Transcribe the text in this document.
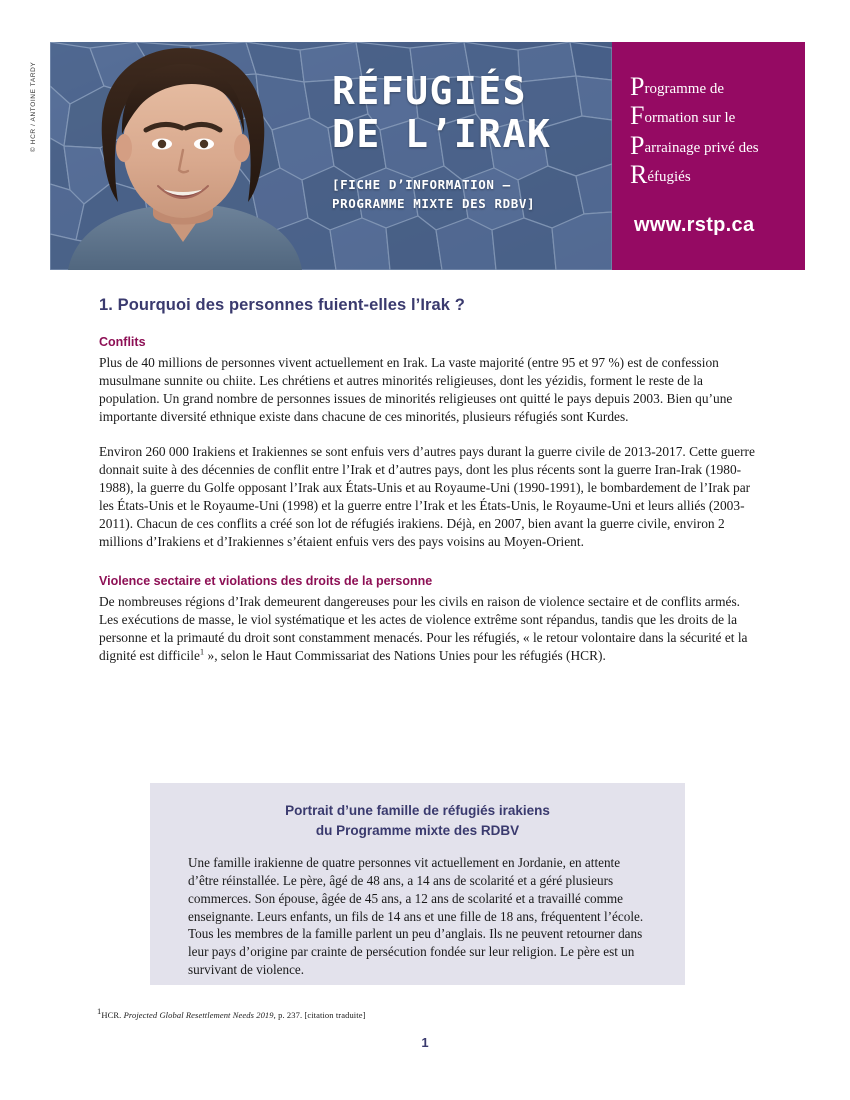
RÉFUGIÉS
DE L’IRAK
[FICHE D’INFORMATION –
PROGRAMME MIXTE DES RDBV]
P rogramme de
F ormation sur le
P arrainage privé des
R éfugiés
www.rstp.ca
© HCR / ANTOINE TARDY
1. Pourquoi des personnes fuient-elles l’Irak ?
Conflits

Plus de 40 millions de personnes vivent actuellement en Irak. La vaste majorité (entre 95 et 97 %) est de confession musulmane sunnite ou chiite. Les chrétiens et autres minorités religieuses, dont les yézidis, forment le reste de la population. Un grand nombre de personnes issues de minorités religieuses ont quitté le pays depuis 2003. Bien qu’une importante diversité ethnique existe dans chacune de ces minorités, plusieurs réfugiés sont Kurdes.

Environ 260 000 Irakiens et Irakiennes se sont enfuis vers d’autres pays durant la guerre civile de 2013-2017. Cette guerre donnait suite à des décennies de conflit entre l’Irak et d’autres pays, dont les plus récents sont la guerre Iran-Irak (1980-1988), la guerre du Golfe opposant l’Irak aux États-Unis et au Royaume-Uni (1990-1991), le bombardement de l’Irak par les États-Unis et le Royaume-Uni (1998) et la guerre entre l’Irak et les États-Unis, le Royaume-Uni et leurs alliés (2003-2011). Chacun de ces conflits a créé son lot de réfugiés irakiens. Déjà, en 2007, bien avant la guerre civile, environ 2 millions d’Irakiens et d’Irakiennes s’étaient enfuis vers des pays voisins au Moyen-Orient.

Violence sectaire et violations des droits de la personne

De nombreuses régions d’Irak demeurent dangereuses pour les civils en raison de violence sectaire et de conflits armés. Les exécutions de masse, le viol systématique et les actes de violence extrême sont répandus, tandis que les droits de la personne et la primauté du droit sont constamment menacés. Pour les réfugiés, « le retour volontaire dans la sécurité et la dignité est difficile$^1$ », selon le Haut Commissariat des Nations Unies pour les réfugiés (HCR).

Portrait d’une famille de réfugiés irakiens
du Programme mixte des RDBV

Une famille irakienne de quatre personnes vit actuellement en Jordanie, en attente d’être réinstallée. Le père, âgé de 48 ans, a 14 ans de scolarité et a géré plusieurs commerces. Son épouse, âgée de 45 ans, a 12 ans de scolarité et a travaillé comme enseignante. Leurs enfants, un fils de 14 ans et une fille de 18 ans, fréquentent l’école. Tous les membres de la famille parlent un peu d’anglais. Ils ne peuvent retourner dans leur pays d’origine par crainte de persécution fondée sur leur religion. Le père est un survivant de violence.

$^1$HCR. Projected Global Resettlement Needs 2019, p. 237. [citation traduite]
1
